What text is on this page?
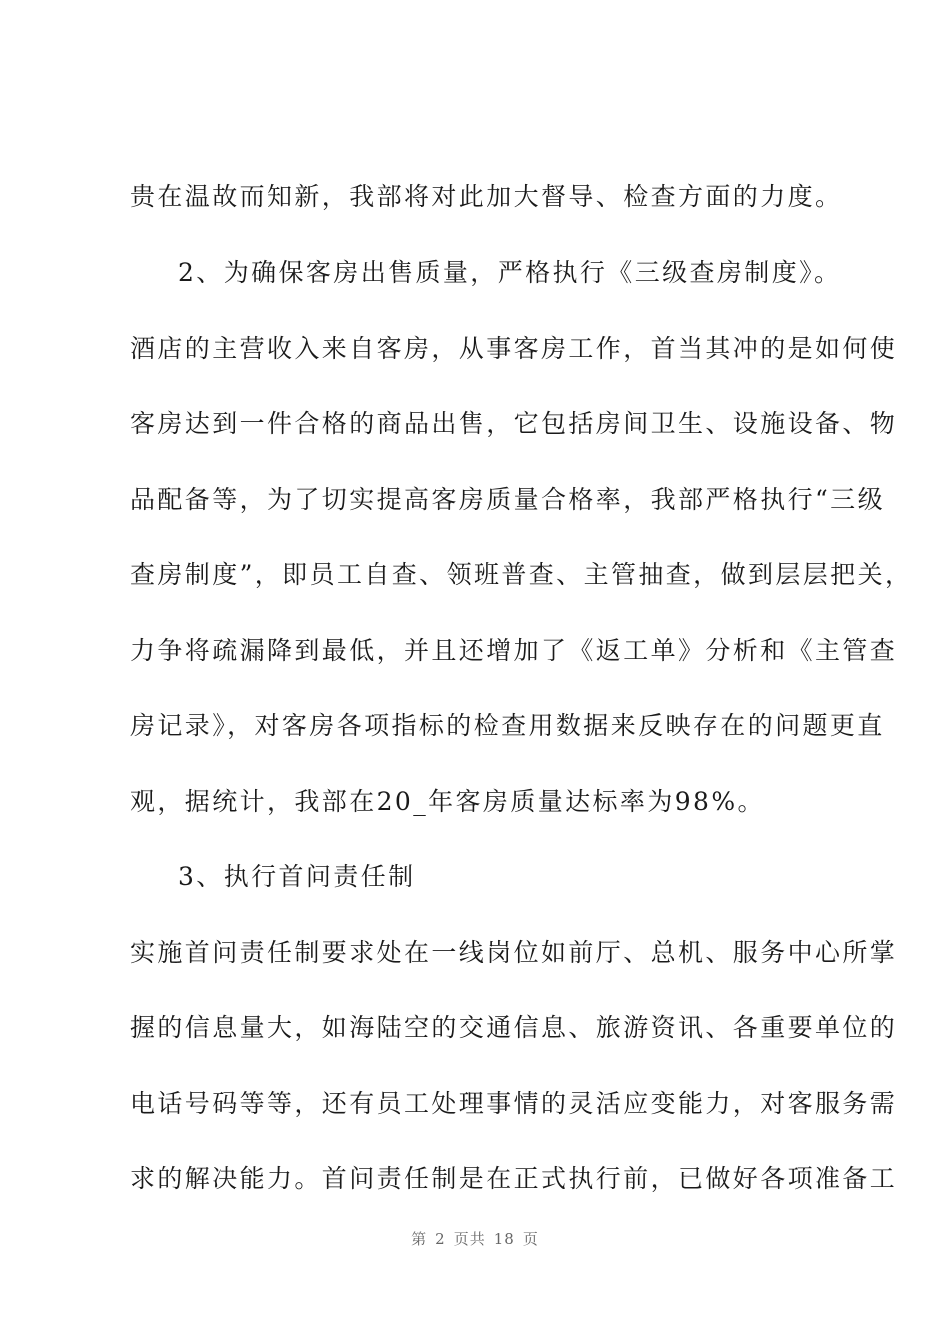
贵在温故而知新，我部将对此加大督导、检查方面的力度。
2、为确保客房出售质量，严格执行《三级查房制度》。
酒店的主营收入来自客房，从事客房工作，首当其冲的是如何使
客房达到一件合格的商品出售，它包括房间卫生、设施设备、物
品配备等，为了切实提高客房质量合格率，我部严格执行“三级
查房制度”，即员工自查、领班普查、主管抽查，做到层层把关，
力争将疏漏降到最低，并且还增加了《返工单》分析和《主管查
房记录》，对客房各项指标的检查用数据来反映存在的问题更直
观，据统计，我部在20_年客房质量达标率为98%。
3、执行首问责任制
实施首问责任制要求处在一线岗位如前厅、总机、服务中心所掌
握的信息量大，如海陆空的交通信息、旅游资讯、各重要单位的
电话号码等等，还有员工处理事情的灵活应变能力，对客服务需
求的解决能力。首问责任制是在正式执行前，已做好各项准备工
第 2 页共 18 页
